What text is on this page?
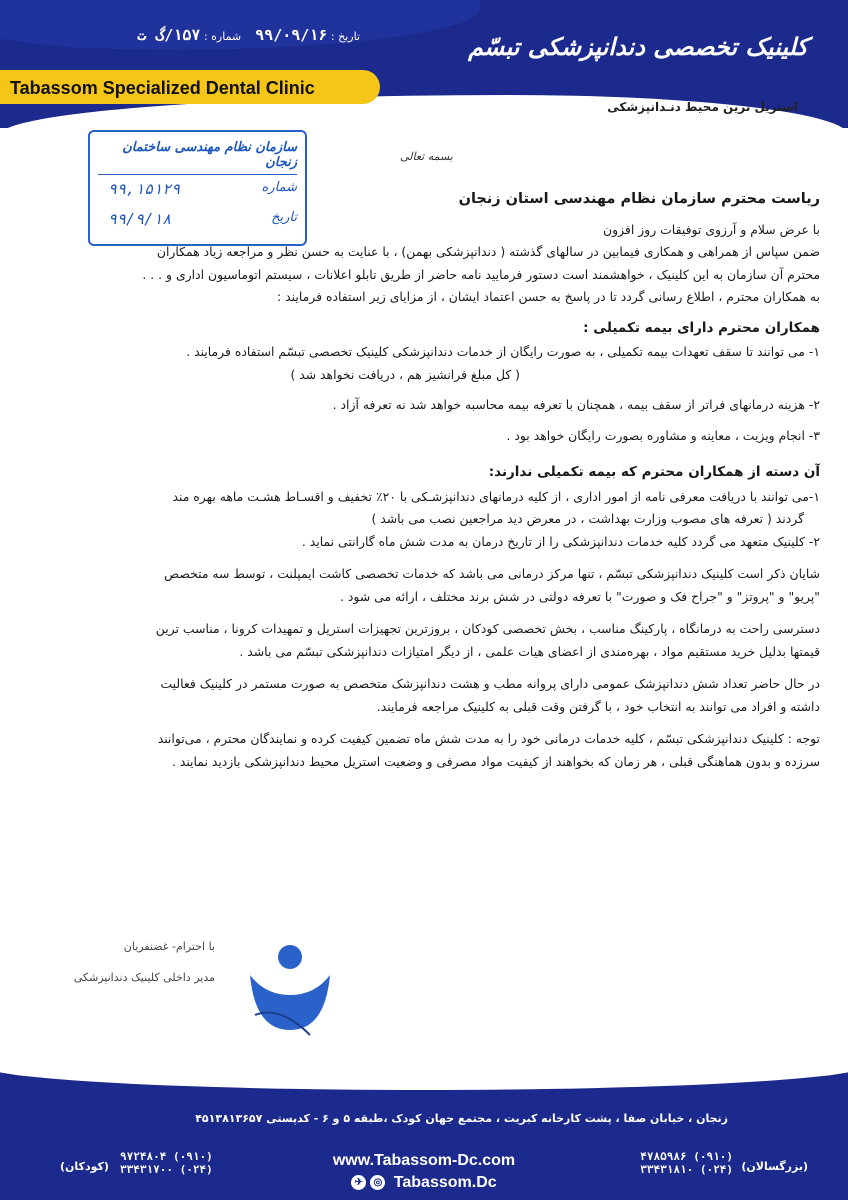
تاریخ : ۹۹/۰۹/۱۶    شماره : ۱۵۷/گ ت
Tabassom Specialized Dental Clinic
کلینیک تخصصی دندانپزشکی تبسّم
استریل ترین محیط دنـدانپزشکی
سازمان نظام مهندسی ساختمان زنجان
شماره
۹۹,۱۵۱۲۹
تاریخ
۹۹/۹/۱۸
بسمه تعالی

ریاست محترم سازمان نظام مهندسی استان زنجان

با عرض سلام و آرزوی توفیقات روز افزون

ضمن سپاس از همراهی و همکاری فیمابین در سالهای گذشته ( دندانپزشکی بهمن) ، با عنایت به حسن نظر و مراجعه زیاد همکاران

محترم آن سازمان به این کلینیک ، خواهشمند است دستور فرمایید نامه حاضر از طریق تابلو اعلانات ، سیستم اتوماسیون اداری و . . .

به همکاران محترم ، اطلاع رسانی گردد تا در پاسخ به حسن اعتماد ایشان ، از مزایای زیر استفاده فرمایند :

همکاران محترم دارای بیمه تکمیلی :

۱- می توانند تا سقف تعهدات بیمه تکمیلی ، به صورت رایگان از خدمات دندانپزشکی کلینیک تخصصی تبسّم استفاده فرمایند .

( کل مبلغ فرانشیز هم ، دریافت نخواهد شد )

۲- هزینه درمانهای فراتر از سقف بیمه ، همچنان با تعرفه بیمه محاسبه خواهد شد نه تعرفه آزاد .

۳- انجام ویزیت ، معاینه و مشاوره بصورت رایگان خواهد بود .

آن دسته از همکاران محترم که بیمه تکمیلی ندارند:

۱-می توانند با دریافت معرفی نامه از امور اداری ، از کلیه درمانهای دندانپزشـکی با ۲۰٪ تخفیف و اقسـاط هشـت ماهه بهره مند

گردند ( تعرفه های مصوب وزارت بهداشت ، در معرض دید مراجعین نصب می باشد )

۲- کلینیک متعهد می گردد کلیه خدمات دندانپزشکی را از تاریخ درمان به مدت شش ماه گارانتی نماید .

شایان ذکر است کلینیک دندانپزشکی تبسّم ، تنها مرکز درمانی می باشد که خدمات تخصصی کاشت ایمپلنت ، توسط سه متخصص

"پریو" و "پروتز" و "جراح فک و صورت" با تعرفه دولتی در شش برند مختلف ، ارائه می شود .

دسترسی راحت به درمانگاه ، پارکینگ مناسب ، بخش تخصصی کودکان ، بروزترین تجهیزات استریل و تمهیدات کرونا ، مناسب ترین

قیمتها بدلیل خرید مستقیم مواد ، بهره‌مندی از اعضای هیات علمی ، از دیگر امتیازات دندانپزشکی تبسّم می باشد .

در حال حاضر تعداد شش دندانپزشک عمومی دارای پروانه مطب و هشت دندانپزشک متخصص به صورت مستمر در کلینیک فعالیت

داشته و افراد می توانند به انتخاب خود ، با گرفتن وقت قبلی به کلینیک مراجعه فرمایند.

توجه : کلینیک دندانپزشکی تبسّم ، کلیه خدمات درمانی خود را به مدت شش ماه تضمین کیفیت کرده و نمایندگان محترم ، می‌توانند

سرزده و بدون هماهنگی قبلی ، هر زمان که بخواهند از کیفیت مواد مصرفی و وضعیت استریل محیط دندانپزشکی بازدید نمایند .

با احترام- غضنفریان
مدیر داخلی کلینیک دندانپزشکی
زنجان ، خیابان صفا ، پشت کارخانه کبریت ، مجتمع جهان کودک ،طبقه ۵ و ۶ - کدپستی ۴۵۱۳۸۱۳۶۵۷
(۰۹۱۰) ۹۷۲۴۸۰۴
(۰۲۴) ۳۳۴۳۱۷۰۰
(کودکان)	www.Tabassom-Dc.com
✈ ◎ Tabassom.Dc
(۰۹۱۰) ۴۷۸۵۹۸۶
(۰۲۴) ۳۳۴۳۱۸۱۰ (بزرگسالان)
